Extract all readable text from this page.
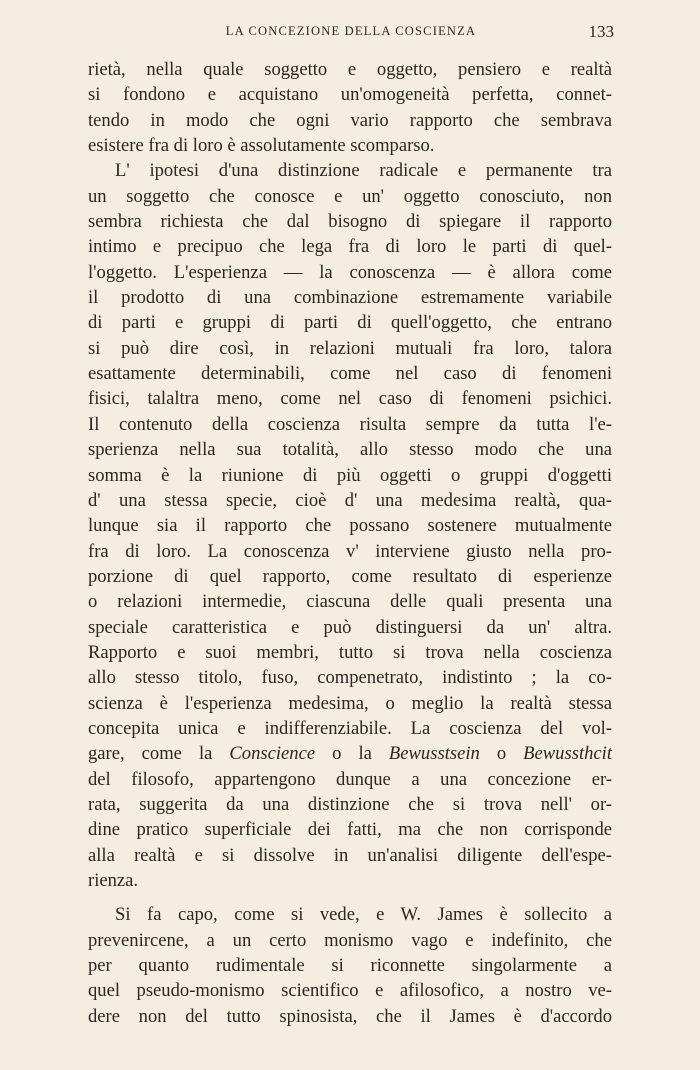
LA CONCEZIONE DELLA COSCIENZA	133
rietà, nella quale soggetto e oggetto, pensiero e realtà
si fondono e acquistano un'omogeneità perfetta, connet-
tendo in modo che ogni vario rapporto che sembrava
esistere fra di loro è assolutamente scomparso.
L' ipotesi d'una distinzione radicale e permanente tra
un soggetto che conosce e un' oggetto conosciuto, non
sembra richiesta che dal bisogno di spiegare il rapporto
intimo e precipuo che lega fra di loro le parti di quel-
l'oggetto. L'esperienza — la conoscenza — è allora come
il prodotto di una combinazione estremamente variabile
di parti e gruppi di parti di quell'oggetto, che entrano
si può dire così, in relazioni mutuali fra loro, talora
esattamente determinabili, come nel caso di fenomeni
fisici, talaltra meno, come nel caso di fenomeni psichici.
Il contenuto della coscienza risulta sempre da tutta l'e-
sperienza nella sua totalità, allo stesso modo che una
somma è la riunione di più oggetti o gruppi d'oggetti
d' una stessa specie, cioè d' una medesima realtà, qua-
lunque sia il rapporto che possano sostenere mutualmente
fra di loro. La conoscenza v' interviene giusto nella pro-
porzione di quel rapporto, come resultato di esperienze
o relazioni intermedie, ciascuna delle quali presenta una
speciale caratteristica e può distinguersi da un' altra.
Rapporto e suoi membri, tutto si trova nella coscienza
allo stesso titolo, fuso, compenetrato, indistinto ; la co-
scienza è l'esperienza medesima, o meglio la realtà stessa
concepita unica e indifferenziabile. La coscienza del vol-
gare, come la Conscience o la Bewusstsein o Bewussthcit
del filosofo, appartengono dunque a una concezione er-
rata, suggerita da una distinzione che si trova nell' or-
dine pratico superficiale dei fatti, ma che non corrisponde
alla realtà e si dissolve in un'analisi diligente dell'espe-
rienza.
Si fa capo, come si vede, e W. James è sollecito a
prevenircene, a un certo monismo vago e indefinito, che
per quanto rudimentale si riconnette singolarmente a
quel pseudo-monismo scientifico e afilosofico, a nostro ve-
dere non del tutto spinosista, che il James è d'accordo
